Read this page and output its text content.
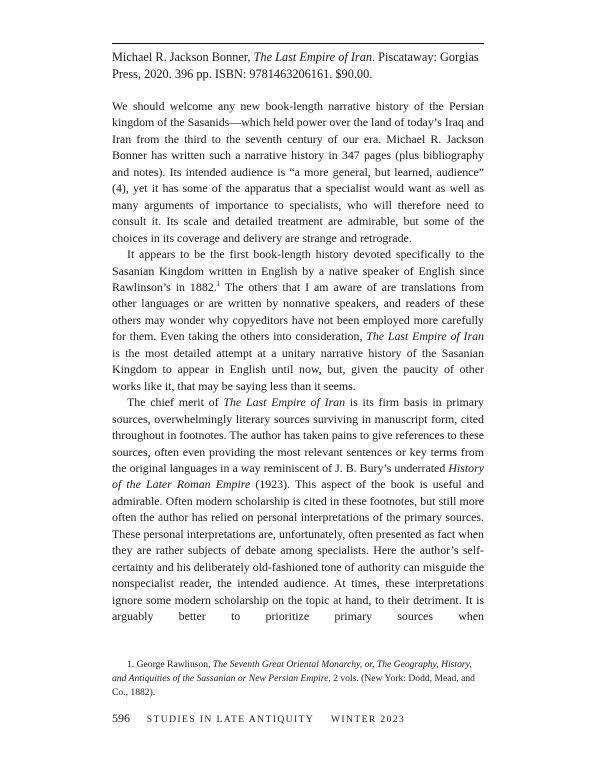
Michael R. Jackson Bonner, The Last Empire of Iran. Piscataway: Gorgias Press, 2020. 396 pp. ISBN: 9781463206161. $90.00.

We should welcome any new book-length narrative history of the Persian kingdom of the Sasanids—which held power over the land of today’s Iraq and Iran from the third to the seventh century of our era. Michael R. Jackson Bonner has written such a narrative history in 347 pages (plus bibliography and notes). Its intended audience is “a more general, but learned, audience” (4), yet it has some of the apparatus that a specialist would want as well as many arguments of importance to specialists, who will therefore need to consult it. Its scale and detailed treatment are admirable, but some of the choices in its coverage and delivery are strange and retrograde.

It appears to be the first book-length history devoted specifically to the Sasanian Kingdom written in English by a native speaker of English since Rawlinson’s in 1882.$^1$ The others that I am aware of are translations from other languages or are written by nonnative speakers, and readers of these others may wonder why copyeditors have not been employed more carefully for them. Even taking the others into consideration, The Last Empire of Iran is the most detailed attempt at a unitary narrative history of the Sasanian Kingdom to appear in English until now, but, given the paucity of other works like it, that may be saying less than it seems.

The chief merit of The Last Empire of Iran is its firm basis in primary sources, overwhelmingly literary sources surviving in manuscript form, cited throughout in footnotes. The author has taken pains to give references to these sources, often even providing the most relevant sentences or key terms from the original languages in a way reminiscent of J. B. Bury’s underrated History of the Later Roman Empire (1923). This aspect of the book is useful and admirable. Often modern scholarship is cited in these footnotes, but still more often the author has relied on personal interpretations of the primary sources. These personal interpretations are, unfortunately, often presented as fact when they are rather subjects of debate among specialists. Here the author’s self-certainty and his deliberately old-fashioned tone of authority can misguide the nonspecialist reader, the intended audience. At times, these interpretations ignore some modern scholarship on the topic at hand, to their detriment. It is arguably better to prioritize primary sources when

1. George Rawlinson, The Seventh Great Oriental Monarchy, or, The Geography, History, and Antiquities of the Sassanian or New Persian Empire, 2 vols. (New York: Dodd, Mead, and Co., 1882).

596 STUDIES IN LATE ANTIQUITY WINTER 2023
